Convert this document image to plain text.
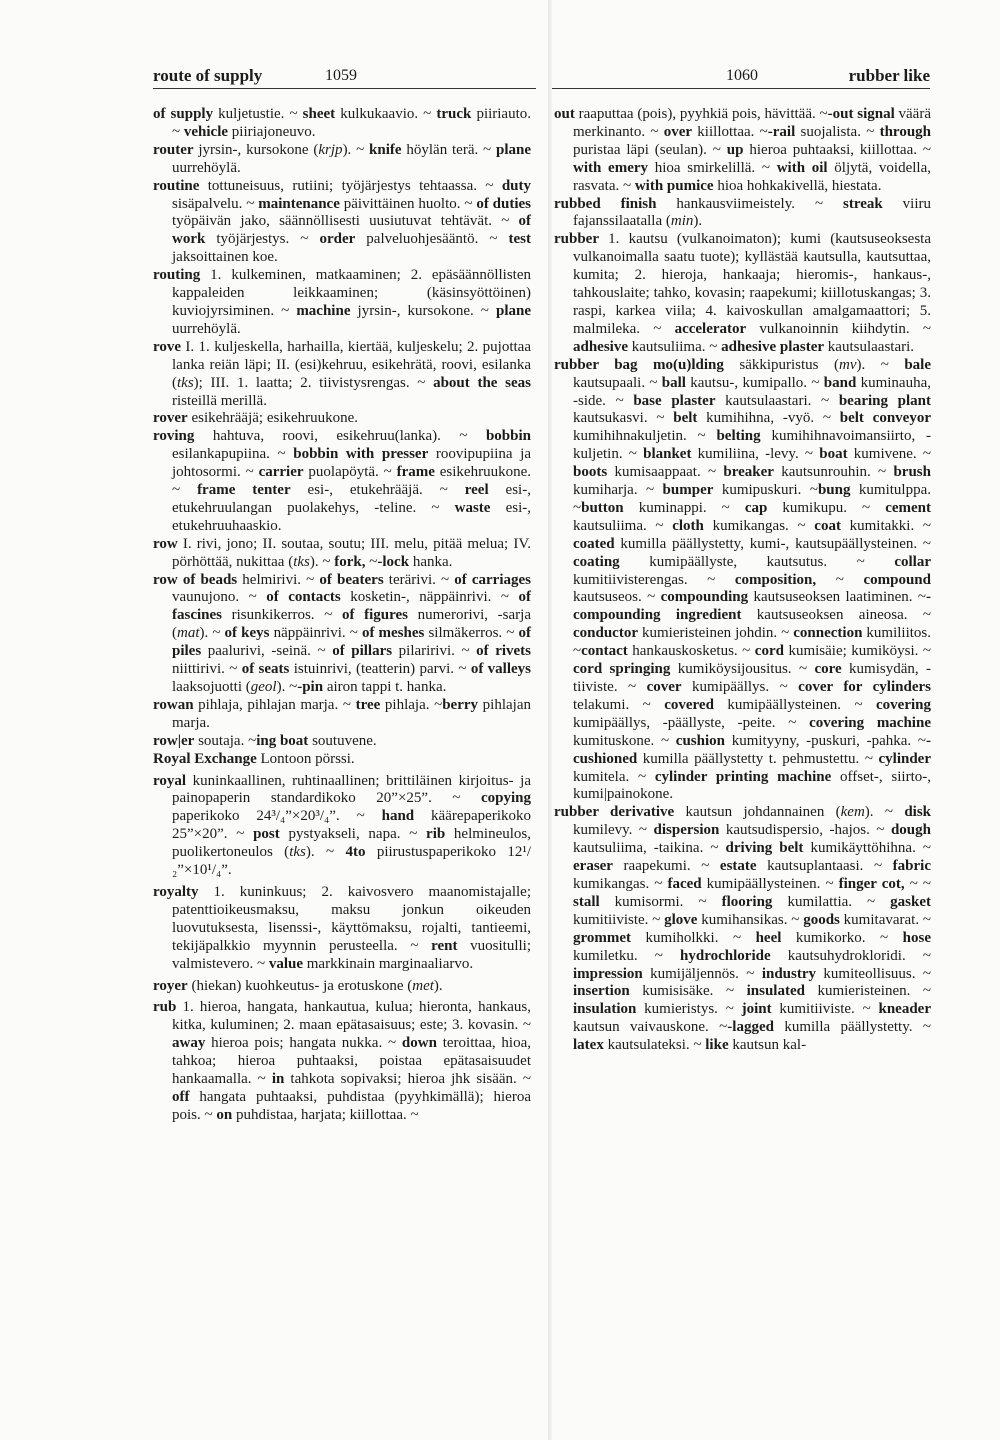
route of supply	1059

of supply kuljetustie. ~ sheet kulkukaavio. ~ truck piiriauto. ~ vehicle piiriajoneuvo.

router jyrsin-, kursokone (krjp). ~ knife höylän terä. ~ plane uurrehöylä.

routine tottuneisuus, rutiini; työjärjestys tehtaassa. ~ duty sisäpalvelu. ~ maintenance päivittäinen huolto. ~ of duties työpäivän jako, säännöllisesti uusiutuvat tehtävät. ~ of work työjärjestys. ~ order palveluohjesääntö. ~ test jaksoittainen koe.

routing 1. kulkeminen, matkaaminen; 2. epäsäännöllisten kappaleiden leikkaaminen; (käsinsyöttöinen) kuviojyrsiminen. ~ machine jyrsin-, kursokone. ~ plane uurrehöylä.

rove I. 1. kuljeskella, harhailla, kiertää, kuljeskelu; 2. pujottaa lanka reiän läpi; II. (esi)kehruu, esikehrätä, roovi, esilanka (tks); III. 1. laatta; 2. tiivistysrengas. ~ about the seas risteillä merillä.

rover esikehrääjä; esikehruukone.

roving hahtuva, roovi, esikehruu(lanka). ~ bobbin esilankapupiina. ~ bobbin with presser roovipupiina ja johtosormi. ~ carrier puolapöytä. ~ frame esikehruukone. ~ frame tenter esi-, etukehrääjä. ~ reel esi-, etukehruulangan puolakehys, -teline. ~ waste esi-, etukehruuhaaskio.

row I. rivi, jono; II. soutaa, soutu; III. melu, pitää melua; IV. pörhöttää, nukittaa (tks). ~ fork, ~-lock hanka.

row of beads helmirivi. ~ of beaters terärivi. ~ of carriages vaunujono. ~ of contacts kosketin-, näppäinrivi. ~ of fascines risunkikerros. ~ of figures numerorivi, -sarja (mat). ~ of keys näppäinrivi. ~ of meshes silmäkerros. ~ of piles paalurivi, -seinä. ~ of pillars pilaririvi. ~ of rivets niittirivi. ~ of seats istuinrivi, (teatterin) parvi. ~ of valleys laaksojuotti (geol). ~-pin airon tappi t. hanka.

rowan pihlaja, pihlajan marja. ~ tree pihlaja. ~berry pihlajan marja.

row|er soutaja. ~ing boat soutuvene.

Royal Exchange Lontoon pörssi.

royal kuninkaallinen, ruhtinaallinen; brittiläinen kirjoitus- ja painopaperin standardikoko 20”×25”. ~ copying paperikoko 24³/₄”×20³/₄”. ~ hand käärepaperikoko 25”×20”. ~ post pystyakseli, napa. ~ rib helmineulos, puolikertoneulos (tks). ~ 4to piirustuspaperikoko 12¹/₂”×10¹/₄”.

royalty 1. kuninkuus; 2. kaivosvero maanomistajalle; patenttioikeusmaksu, maksu jonkun oikeuden luovutuksesta, lisenssi-, käyttömaksu, rojalti, tantieemi, tekijäpalkkio myynnin perusteella. ~ rent vuositulli; valmistevero. ~ value markkinain marginaaliarvo.

royer (hiekan) kuohkeutus- ja erotuskone (met).

rub 1. hieroa, hangata, hankautua, kulua; hieronta, hankaus, kitka, kuluminen; 2. maan epätasaisuus; este; 3. kovasin. ~ away hieroa pois; hangata nukka. ~ down teroittaa, hioa, tahkoa; hieroa puhtaaksi, poistaa epätasaisuudet hankaamalla. ~ in tahkota sopivaksi; hieroa jhk sisään. ~ off hangata puhtaaksi, puhdistaa (pyyhkimällä); hieroa pois. ~ on puhdistaa, harjata; kiillottaa. ~

1060	rubber like

out raaputtaa (pois), pyyhkiä pois, hävittää. ~-out signal väärä merkinanto. ~ over kiillottaa. ~-rail suojalista. ~ through puristaa läpi (seulan). ~ up hieroa puhtaaksi, kiillottaa. ~ with emery hioa smirkelillä. ~ with oil öljytä, voidella, rasvata. ~ with pumice hioa hohkakivellä, hiestata.

rubbed finish hankausviimeistely. ~ streak viiru fajanssilaatalla (min).

rubber 1. kautsu (vulkanoimaton); kumi (kautsuseoksesta vulkanoimalla saatu tuote); kyllästää kautsulla, kautsuttaa, kumita; 2. hieroja, hankaaja; hieromis-, hankaus-, tahkouslaite; tahko, kovasin; raapekumi; kiillotuskangas; 3. raspi, karkea viila; 4. kaivoskullan amalgamaattori; 5. malmileka. ~ accelerator vulkanoinnin kiihdytin. ~ adhesive kautsuliima. ~ adhesive plaster kautsulaastari.

rubber bag mo(u)lding säkkipuristus (mv). ~ bale kautsupaali. ~ ball kautsu-, kumipallo. ~ band kuminauha, -side. ~ base plaster kautsulaastari. ~ bearing plant kautsukasvi. ~ belt kumihihna, -vyö. ~ belt conveyor kumihihnakuljetin. ~ belting kumihihnavoimansiirto, -kuljetin. ~ blanket kumiliina, -levy. ~ boat kumivene. ~ boots kumisaappaat. ~ breaker kautsunrouhin. ~ brush kumiharja. ~ bumper kumipuskuri. ~bung kumitulppa. ~button kuminappi. ~ cap kumikupu. ~ cement kautsuliima. ~ cloth kumikangas. ~ coat kumitakki. ~ coated kumilla päällystetty, kumi-, kautsupäällysteinen. ~ coating kumipäällyste, kautsutus. ~ collar kumitiivisterengas. ~ composition, ~ compound kautsuseos. ~ compounding kautsuseoksen laatiminen. ~-compounding ingredient kautsuseoksen aineosa. ~ conductor kumieristeinen johdin. ~ connection kumiliitos. ~contact hankauskosketus. ~ cord kumisäie; kumiköysi. ~ cord springing kumiköysijousitus. ~ core kumisydän, -tiiviste. ~ cover kumipäällys. ~ cover for cylinders telakumi. ~ covered kumipäällysteinen. ~ covering kumipäällys, -päällyste, -peite. ~ covering machine kumituskone. ~ cushion kumityyny, -puskuri, -pahka. ~-cushioned kumilla päällystetty t. pehmustettu. ~ cylinder kumitela. ~ cylinder printing machine offset-, siirto-, kumi|painokone.

rubber derivative kautsun johdannainen (kem). ~ disk kumilevy. ~ dispersion kautsudispersio, -hajos. ~ dough kautsuliima, -taikina. ~ driving belt kumikäyttöhihna. ~ eraser raapekumi. ~ estate kautsuplantaasi. ~ fabric kumikangas. ~ faced kumipäällysteinen. ~ finger cot, ~ ~ stall kumisormi. ~ flooring kumilattia. ~ gasket kumitiiviste. ~ glove kumihansikas. ~ goods kumitavarat. ~ grommet kumiholkki. ~ heel kumikorko. ~ hose kumiletku. ~ hydrochloride kautsuhydrokloridi. ~ impression kumijäljennös. ~ industry kumiteollisuus. ~ insertion kumisisäke. ~ insulated kumieristeinen. ~ insulation kumieristys. ~ joint kumitiiviste. ~ kneader kautsun vaivauskone. ~-lagged kumilla päällystetty. ~ latex kautsulateksi. ~ like kautsun kal-
